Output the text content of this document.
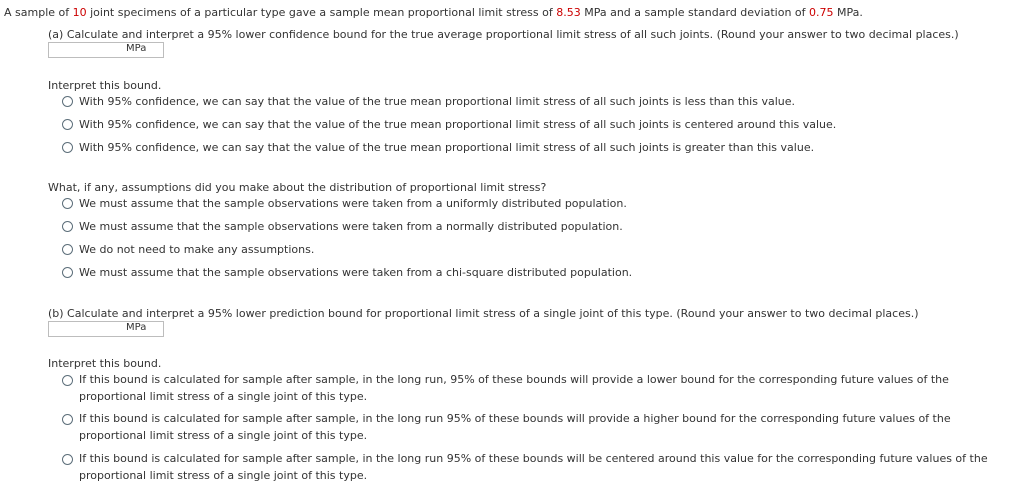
A sample of 10 joint specimens of a particular type gave a sample mean proportional limit stress of 8.53 MPa and a sample standard deviation of 0.75 MPa.
(a) Calculate and interpret a 95% lower confidence bound for the true average proportional limit stress of all such joints. (Round your answer to two decimal places.)
MPa
Interpret this bound.
With 95% confidence, we can say that the value of the true mean proportional limit stress of all such joints is less than this value.
With 95% confidence, we can say that the value of the true mean proportional limit stress of all such joints is centered around this value.
With 95% confidence, we can say that the value of the true mean proportional limit stress of all such joints is greater than this value.
What, if any, assumptions did you make about the distribution of proportional limit stress?
We must assume that the sample observations were taken from a uniformly distributed population.
We must assume that the sample observations were taken from a normally distributed population.
We do not need to make any assumptions.
We must assume that the sample observations were taken from a chi-square distributed population.
(b) Calculate and interpret a 95% lower prediction bound for proportional limit stress of a single joint of this type. (Round your answer to two decimal places.)
MPa
Interpret this bound.
If this bound is calculated for sample after sample, in the long run, 95% of these bounds will provide a lower bound for the corresponding future values of the proportional limit stress of a single joint of this type.
If this bound is calculated for sample after sample, in the long run 95% of these bounds will provide a higher bound for the corresponding future values of the proportional limit stress of a single joint of this type.
If this bound is calculated for sample after sample, in the long run 95% of these bounds will be centered around this value for the corresponding future values of the proportional limit stress of a single joint of this type.
